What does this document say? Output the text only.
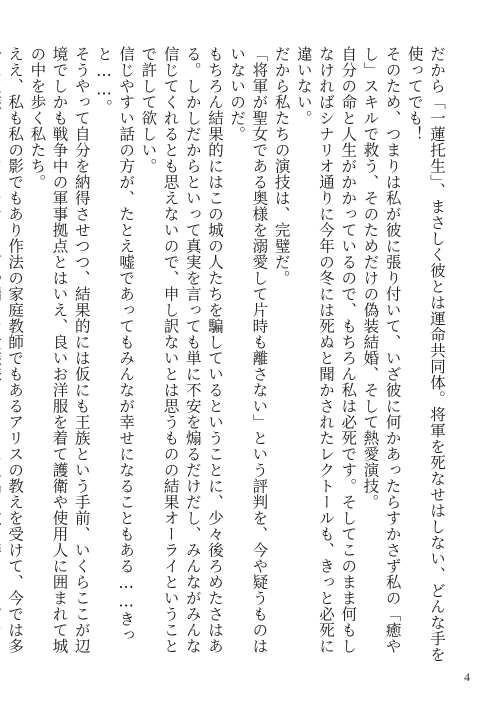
だから「一蓮托生」、まさしく彼とは運命共同体。将軍を死なせはしない、どんな手を使ってでも！

そのため、つまりは私が彼に張り付いて、いざ彼に何かあったらすかさず私の「癒やし」スキルで救う、そのためだけの偽装結婚、そして熱愛演技。

自分の命と人生がかかっているので、もちろん私は必死です。そしてこのまま何もしなければシナリオ通りに今年の冬には死ぬと聞かされたレクトールも、きっと必死に違いない。

だから私たちの演技は、完璧だ。

「将軍が聖女である奥様を溺愛して片時も離さない」という評判を、今や疑うものはいないのだ。

もちろん結果的にはこの城の人たちを騙しているということに、少々後ろめたさはある。しかしだからといって真実を言っても単に不安を煽るだけだし、みんながみんな信じてくれるとも思えないので、申し訳ないとは思うものの結果オーライということで許して欲しい。

信じやすい話の方が、たとえ嘘であってもみんなが幸せになることもある……きっと……。

そうやって自分を納得させつつ、結果的には仮にも王族という手前、いくらここが辺境でしかも戦争中の軍事拠点とはいえ、良いお洋服を着て護衛や使用人に囲まれて城の中を歩く私たち。

ええ、私も私の影でもあり作法の家庭教師でもあるアリスの教えを受けて、今では多

4
